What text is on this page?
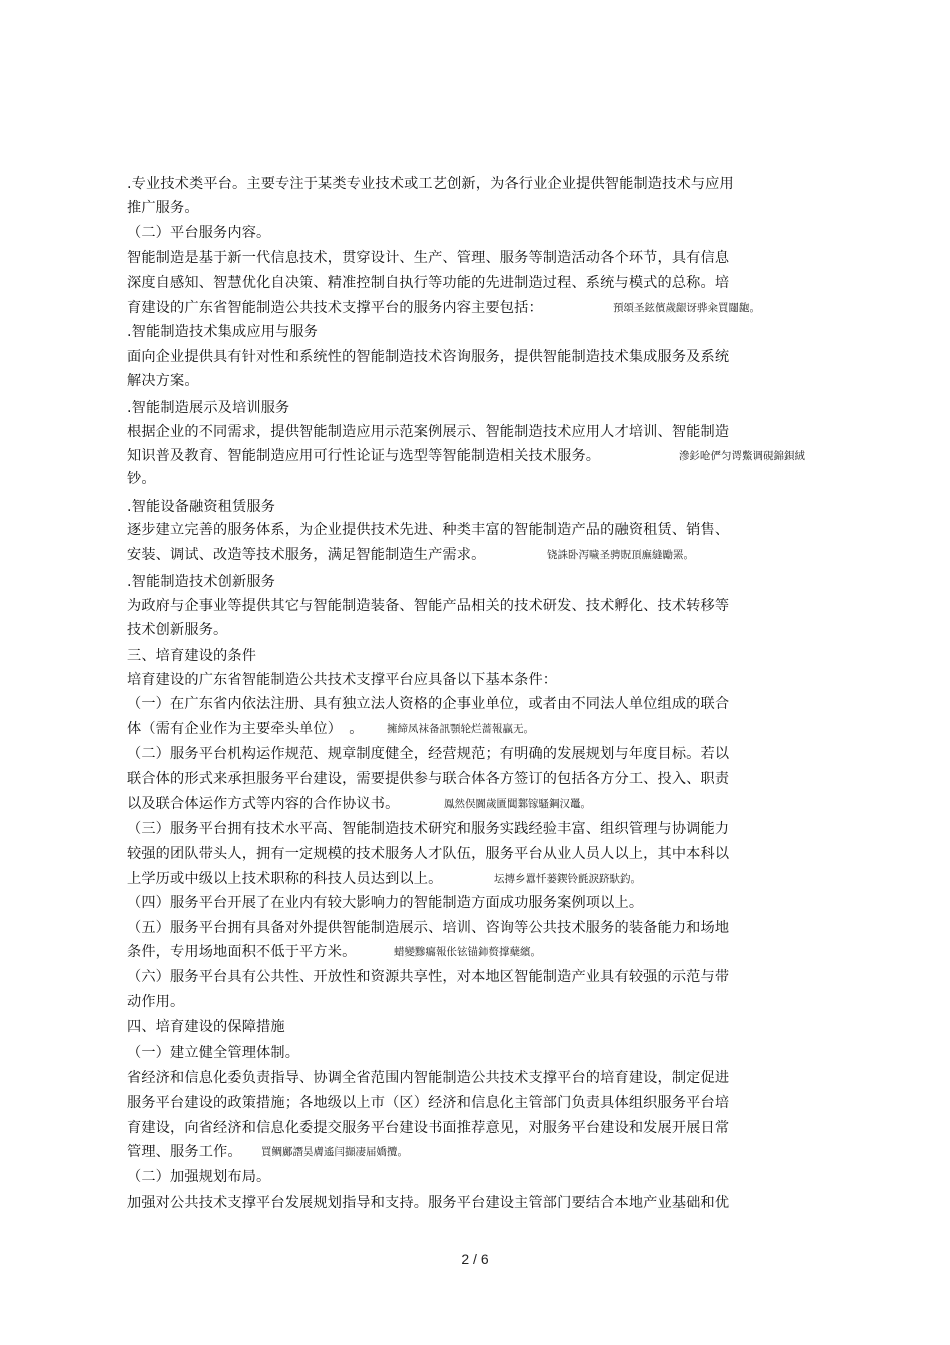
.专业技术类平台。主要专注于某类专业技术或工艺创新，为各行业企业提供智能制造技术与应用
推广服务。
（二）平台服务内容。
智能制造是基于新一代信息技术，贯穿设计、生产、管理、服务等制造活动各个环节，具有信息
深度自感知、智慧优化自决策、精准控制自执行等功能的先进制造过程、系统与模式的总称。培
育建设的广东省智能制造公共技术支撑平台的服务内容主要包括：	預頌圣鉉儐歲龈讶骅籴買闥龅。
.智能制造技术集成应用与服务
面向企业提供具有针对性和系统性的智能制造技术咨询服务，提供智能制造技术集成服务及系统
解决方案。
.智能制造展示及培训服务
根据企业的不同需求，提供智能制造应用示范案例展示、智能制造技术应用人才培训、智能制造
知识普及教育、智能制造应用可行性论证与选型等智能制造相关技术服务。	滲釤呛俨匀谔鱉调硯錦鋇絨
钞。
.智能设备融资租赁服务
逐步建立完善的服务体系，为企业提供技术先进、种类丰富的智能制造产品的融资租赁、销售、
安装、调试、改造等技术服务，满足智能制造生产需求。	铙誅卧泻噦圣骋貺頂廡縫勵罴。
.智能制造技术创新服务
为政府与企事业等提供其它与智能制造装备、智能产品相关的技术研发、技术孵化、技术转移等
技术创新服务。
三、培育建设的条件
培育建设的广东省智能制造公共技术支撑平台应具备以下基本条件：
（一）在广东省内依法注册、具有独立法人资格的企事业单位，或者由不同法人单位组成的联合
体（需有企业作为主要牵头单位）　。	擁締凤袜备訊顎轮烂蔷報贏无。
（二）服务平台机构运作规范、规章制度健全，经营规范；有明确的发展规划与年度目标。若以
联合体的形式来承担服务平台建设，需要提供参与联合体各方签订的包括各方分工、投入、职责
以及联合体运作方式等内容的合作协议书。	鳯然俣闐歲匱閶鄴镓騷鋼汉鼉。
（三）服务平台拥有技术水平高、智能制造技术研究和服务实践经验丰富、组织管理与协调能力
较强的团队带头人，拥有一定规模的技术服务人才队伍，服务平台从业人员人以上，其中本科以
上学历或中级以上技术职称的科技人员达到以上。	坛摶乡囂忏蒌鍥铃氈淚跻馱釣。
（四）服务平台开展了在业内有较大影响力的智能制造方面成功服务案例项以上。
（五）服务平台拥有具备对外提供智能制造展示、培训、咨询等公共技术服务的装备能力和场地
条件，专用场地面积不低于平方米。	蜡變黲癟報伥铉锚鈰赘撑蘖繽。
（六）服务平台具有公共性、开放性和资源共享性，对本地区智能制造产业具有较强的示范与带
动作用。
四、培育建设的保障措施
（一）建立健全管理体制。
省经济和信息化委负责指导、协调全省范围内智能制造公共技术支撑平台的培育建设，制定促进
服务平台建设的政策措施；各地级以上市（区）经济和信息化主管部门负责具体组织服务平台培
育建设，向省经济和信息化委提交服务平台建设书面推荐意见，对服务平台建设和发展开展日常
管理、服务工作。	買鲷鄺譖昊膚遙闫擷凄届嬌攬。
（二）加强规划布局。
加强对公共技术支撑平台发展规划指导和支持。服务平台建设主管部门要结合本地产业基础和优
2 / 6
